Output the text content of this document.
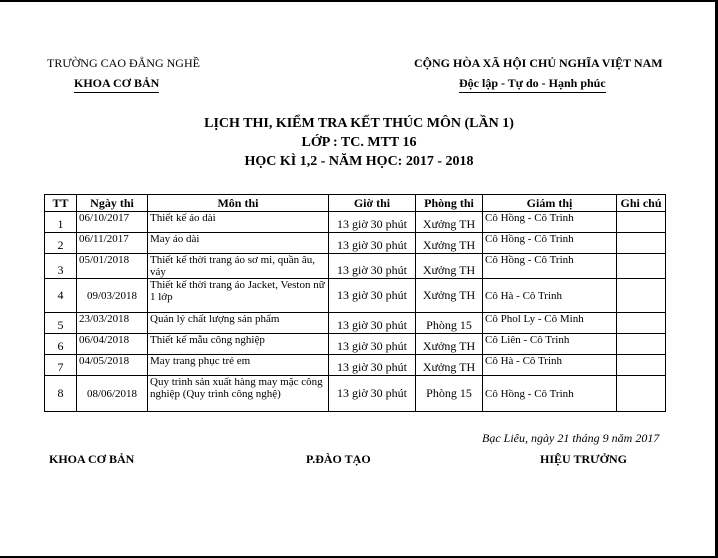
TRƯỜNG CAO ĐẲNG NGHỀ
KHOA CƠ BẢN
CỘNG HÒA XÃ HỘI CHỦ NGHĨA VIỆT NAM
Độc lập - Tự do - Hạnh phúc
LỊCH THI, KIỂM TRA KẾT THÚC MÔN (LẦN 1)
LỚP : TC. MTT 16
HỌC KÌ 1,2 - NĂM HỌC: 2017 - 2018
TT	Ngày thi	Môn thi	Giờ thi	Phòng thi	Giám thị	Ghi chú
1	06/10/2017	Thiết kế áo dài	13 giờ 30 phút	Xưởng TH	Cô Hồng - Cô Trinh	
2	06/11/2017	May áo dài	13 giờ 30 phút	Xưởng TH	Cô Hồng - Cô Trinh	
3	05/01/2018	Thiết kế thời trang áo sơ mi, quần âu, váy	13 giờ 30 phút	Xưởng TH	Cô Hồng - Cô Trinh	
4	09/03/2018	Thiết kế thời trang áo Jacket, Veston nữ 1 lớp	13 giờ 30 phút	Xưởng TH	Cô Hà - Cô Trinh	
5	23/03/2018	Quản lý chất lượng sản phẩm	13 giờ 30 phút	Phòng 15	Cô Phol Ly - Cô Minh	
6	06/04/2018	Thiết kế mẫu công nghiệp	13 giờ 30 phút	Xưởng TH	Cô Liên - Cô Trinh	
7	04/05/2018	May trang phục trẻ em	13 giờ 30 phút	Xưởng TH	Cô Hà - Cô Trinh	
8	08/06/2018	Quy trình sản xuất hàng may mặc công nghiệp (Quy trình công nghệ)	13 giờ 30 phút	Phòng 15	Cô Hồng - Cô Trinh	
Bạc Liêu, ngày 21 tháng 9 năm 2017
KHOA CƠ BẢN	P.ĐÀO TẠO	HIỆU TRƯỞNG
